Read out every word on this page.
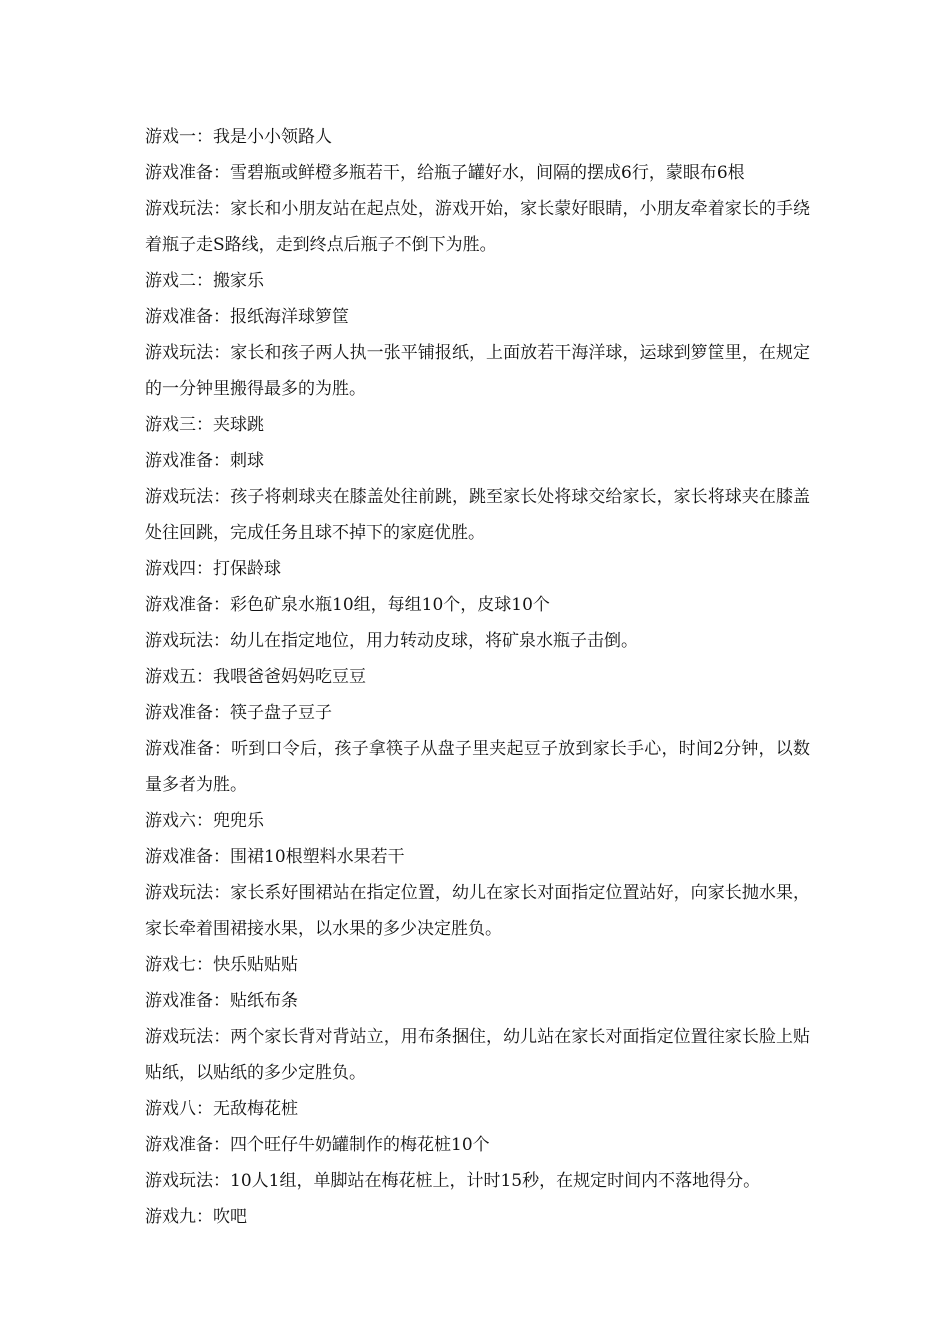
游戏一：我是小小领路人
游戏准备：雪碧瓶或鲜橙多瓶若干，给瓶子罐好水，间隔的摆成6行，蒙眼布6根
游戏玩法：家长和小朋友站在起点处，游戏开始，家长蒙好眼睛，小朋友牵着家长的手绕着瓶子走S路线，走到终点后瓶子不倒下为胜。
游戏二：搬家乐
游戏准备：报纸海洋球箩筐
游戏玩法：家长和孩子两人执一张平铺报纸，上面放若干海洋球，运球到箩筐里，在规定的一分钟里搬得最多的为胜。
游戏三：夹球跳
游戏准备：刺球
游戏玩法：孩子将刺球夹在膝盖处往前跳，跳至家长处将球交给家长，家长将球夹在膝盖处往回跳，完成任务且球不掉下的家庭优胜。
游戏四：打保龄球
游戏准备：彩色矿泉水瓶10组，每组10个，皮球10个
游戏玩法：幼儿在指定地位，用力转动皮球，将矿泉水瓶子击倒。
游戏五：我喂爸爸妈妈吃豆豆
游戏准备：筷子盘子豆子
游戏准备：听到口令后，孩子拿筷子从盘子里夹起豆子放到家长手心，时间2分钟，以数量多者为胜。
游戏六：兜兜乐
游戏准备：围裙10根塑料水果若干
游戏玩法：家长系好围裙站在指定位置，幼儿在家长对面指定位置站好，向家长抛水果，家长牵着围裙接水果，以水果的多少决定胜负。
游戏七：快乐贴贴贴
游戏准备：贴纸布条
游戏玩法：两个家长背对背站立，用布条捆住，幼儿站在家长对面指定位置往家长脸上贴贴纸，以贴纸的多少定胜负。
游戏八：无敌梅花桩
游戏准备：四个旺仔牛奶罐制作的梅花桩10个
游戏玩法：10人1组，单脚站在梅花桩上，计时15秒，在规定时间内不落地得分。
游戏九：吹吧
